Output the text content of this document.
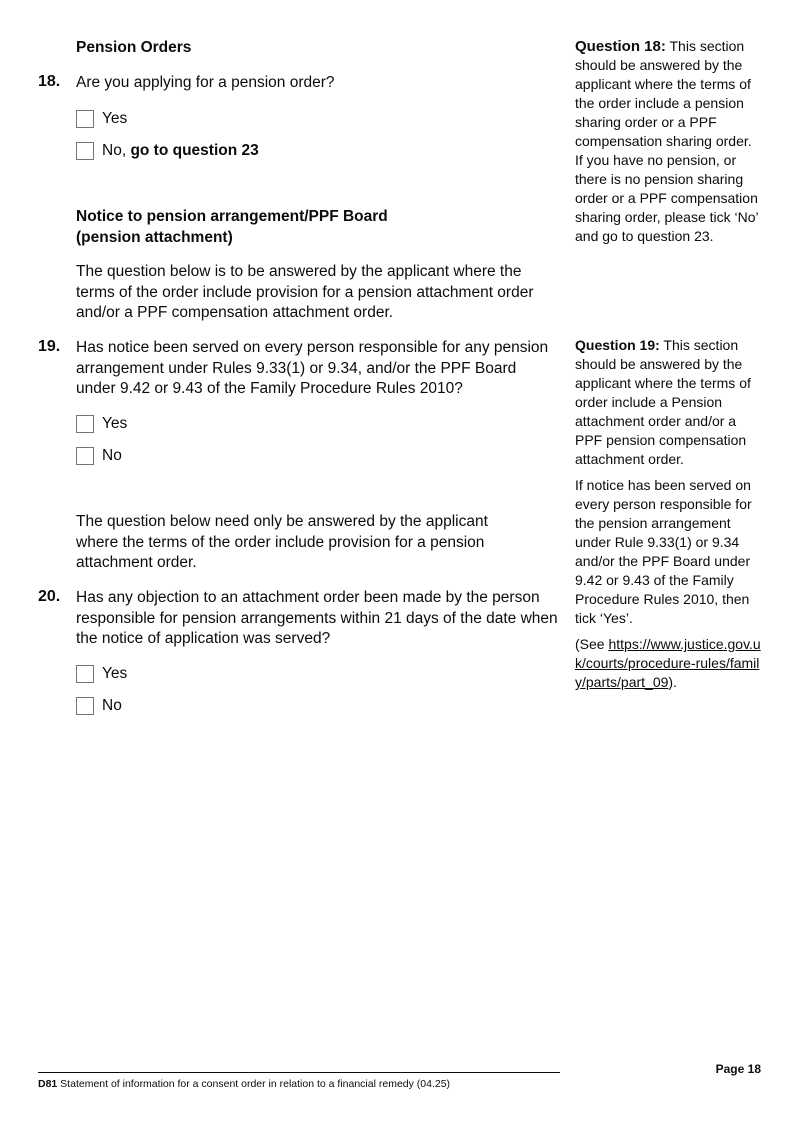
Pension Orders
18. Are you applying for a pension order?
Yes
No, go to question 23
Notice to pension arrangement/PPF Board
(pension attachment)
The question below is to be answered by the applicant where the terms of the order include provision for a pension attachment order and/or a PPF compensation attachment order.
19. Has notice been served on every person responsible for any pension arrangement under Rules 9.33(1) or 9.34, and/or the PPF Board under 9.42 or 9.43 of the Family Procedure Rules 2010?
Yes
No
The question below need only be answered by the applicant where the terms of the order include provision for a pension attachment order.
20. Has any objection to an attachment order been made by the person responsible for pension arrangements within 21 days of the date when the notice of application was served?
Yes
No
Question 18: This section should be answered by the applicant where the terms of the order include a pension sharing order or a PPF compensation sharing order. If you have no pension, or there is no pension sharing order or a PPF compensation sharing order, please tick ‘No’ and go to question 23.

Question 19: This section should be answered by the applicant where the terms of order include a Pension attachment order and/or a PPF pension compensation attachment order.

If notice has been served on every person responsible for the pension arrangement under Rule 9.33(1) or 9.34 and/or the PPF Board under 9.42 or 9.43 of the Family Procedure Rules 2010, then tick ‘Yes’.

(See https://www.justice.gov.uk/courts/procedure-rules/family/parts/part_09).

Page 18
D81 Statement of information for a consent order in relation to a financial remedy (04.25)
